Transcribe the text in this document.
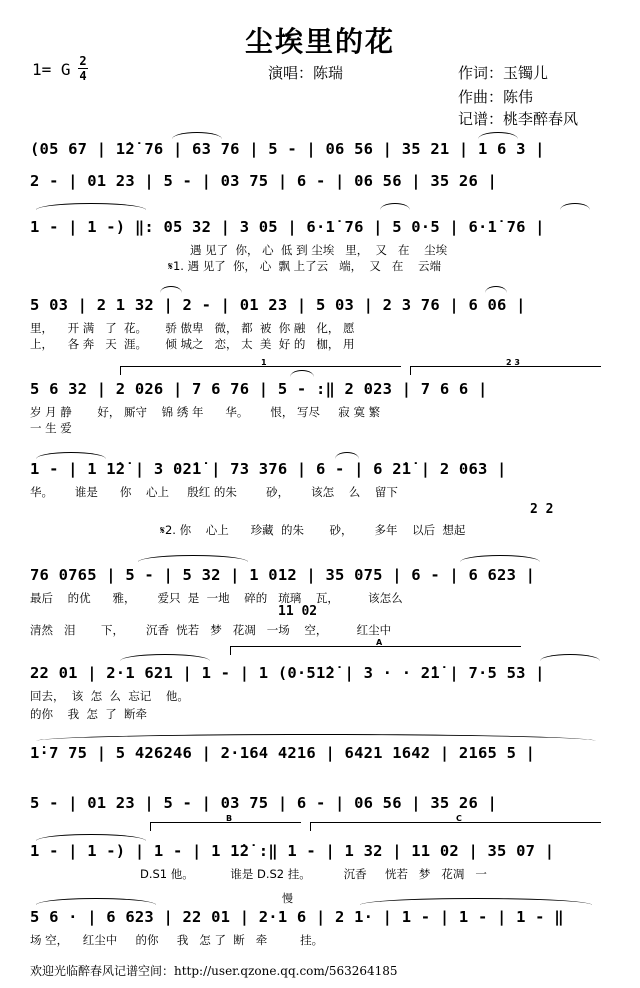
尘埃里的花
1= G 2
4	演唱：陈瑞	作词：玉镯儿
作曲：陈伟
记谱：桃李醉春风
(05 67 | 1̇2̇ 76 | 63 76 | 5 - | 06 56 | 35 21 | 1 6 3 |
2 - | 01 23 | 5 - | 03 75 | 6 - | 06 56 | 35 26 |
1 - | 1 -) ‖: 05 32 | 3 05 | 6·1̇ 76 | 5 0·5 | 6·1̇ 76 |
遇 见了  你， 心  低 到 尘埃   里，  又   在    尘埃
𝄋1. 遇 见了  你， 心  飘 上了云   端，  又   在    云端
5 03 | 2 1 32 | 2 - | 01 23 | 5 03 | 2 3 76 | 6 06 |
里，    开 满   了  花。     骄 傲卑   微， 都  被  你 融   化， 愿
上，    各 奔   天  涯。     倾 城之   恋， 太  美  好 的   枷， 用
1	2 3
5 6 32 | 2 026 | 7 6 76 | 5 - :‖ 2 023 | 7 6 6 |
岁 月 静       好， 厮守    锦 绣 年      华。      恨， 写尽     寂 寞 繁
一 生 爱
1 - | 1 1̇2̇ | 3 02̇1̇ | 73 376 | 6 - | 6 2̇1̇ | 2 063 |
华。      谁是      你    心上     殷红 的朱        砂，      该怎    么    留下
2 2
𝄋2. 你    心上      珍藏  的朱       砂，      多年    以后  想起
76 0765 | 5 - | 5 32 | 1 012 | 35 075 | 6 - | 6 623 |
最后    的优      雅，      爱只  是  一地    碎的   琉璃    瓦，        该怎么
11 02
清然   泪       下，      沉香  恍若   梦   花凋   一场    空，        红尘中
A
22 01 | 2·1 621 | 1 - | 1 (0·51̇2̇ | 3 · · 2̇1̇ | 7·5 53 |
回去，  该  怎  么  忘记    他。
的你    我  怎  了  断牵
1̇·7 75 | 5 426246 | 2·164 4216 | 6421 1642 | 2165 5 |
5 - | 01 23 | 5 - | 03 75 | 6 - | 06 56 | 35 26 |
B	C
1 - | 1 -) | 1 - | 1 1̇2̇ :‖ 1 - | 1 32 | 11 02 | 35 07 |
D.S1 他。          谁是 D.S2 挂。         沉香     恍若   梦   花凋   一
慢
5 6 · | 6 623 | 22 01 | 2·1 6 | 2 1· | 1 - | 1 - | 1 - ‖
场 空，    红尘中     的你     我   怎 了  断   牵         挂。
欢迎光临醉春风记谱空间：http://user.qzone.qq.com/563264185
